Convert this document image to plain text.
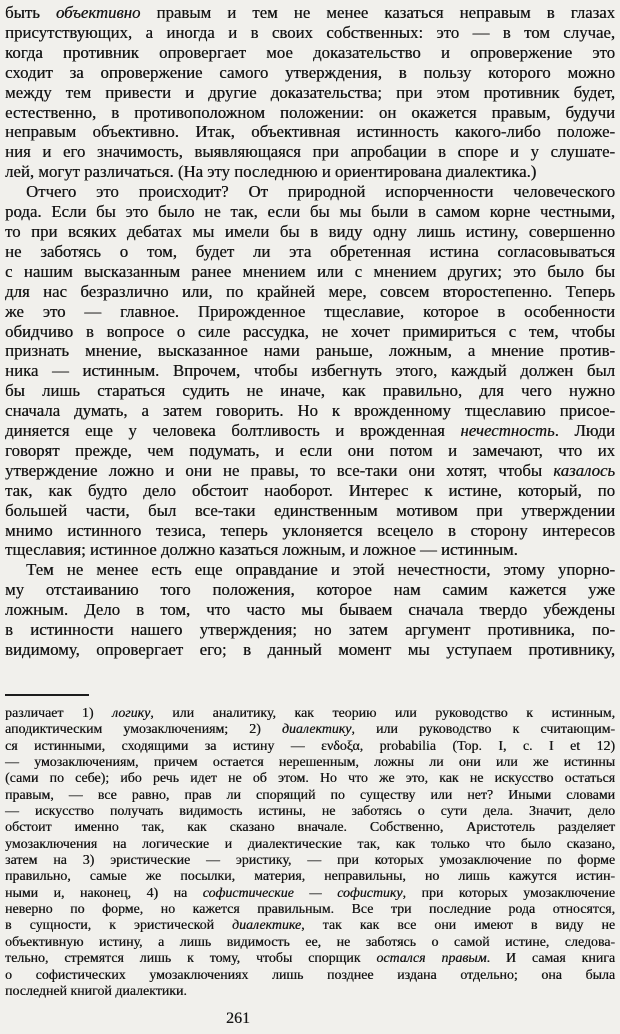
быть объективно правым и тем не менее казаться неправым в глазах
присутствующих, а иногда и в своих собственных: это — в том случае,
когда противник опровергает мое доказательство и опровержение это
сходит за опровержение самого утверждения, в пользу которого можно
между тем привести и другие доказательства; при этом противник будет,
естественно, в противоположном положении: он окажется правым, будучи
неправым объективно. Итак, объективная истинность какого-либо положе-
ния и его значимость, выявляющаяся при апробации в споре и у слушате-
лей, могут различаться. (На эту последнюю и ориентирована диалектика.)
Отчего это происходит? От природной испорченности человеческого
рода. Если бы это было не так, если бы мы были в самом корне честными,
то при всяких дебатах мы имели бы в виду одну лишь истину, совершенно
не заботясь о том, будет ли эта обретенная истина согласовываться
с нашим высказанным ранее мнением или с мнением других; это было бы
для нас безразлично или, по крайней мере, совсем второстепенно. Теперь
же это — главное. Прирожденное тщеславие, которое в особенности
обидчиво в вопросе о силе рассудка, не хочет примириться с тем, чтобы
признать мнение, высказанное нами раньше, ложным, а мнение против-
ника — истинным. Впрочем, чтобы избегнуть этого, каждый должен был
бы лишь стараться судить не иначе, как правильно, для чего нужно
сначала думать, а затем говорить. Но к врожденному тщеславию присое-
диняется еще у человека болтливость и врожденная нечестность. Люди
говорят прежде, чем подумать, и если они потом и замечают, что их
утверждение ложно и они не правы, то все-таки они хотят, чтобы казалось
так, как будто дело обстоит наоборот. Интерес к истине, который, по
большей части, был все-таки единственным мотивом при утверждении
мнимо истинного тезиса, теперь уклоняется всецело в сторону интересов
тщеславия; истинное должно казаться ложным, и ложное — истинным.
Тем не менее есть еще оправдание и этой нечестности, этому упорно-
му отстаиванию того положения, которое нам самим кажется уже
ложным. Дело в том, что часто мы бываем сначала твердо убеждены
в истинности нашего утверждения; но затем аргумент противника, по-
видимому, опровергает его; в данный момент мы уступаем противнику,
различает 1) логику, или аналитику, как теорию или руководство к истинным,
аподиктическим умозаключениям; 2) диалектику, или руководство к считающим-
ся истинными, сходящими за истину — ενδοξα, probabilia (Top. I, c. I et 12)
— умозаключениям, причем остается нерешенным, ложны ли они или же истинны
(сами по себе); ибо речь идет не об этом. Но что же это, как не искусство остаться
правым, — все равно, прав ли спорящий по существу или нет? Иными словами
— искусство получать видимость истины, не заботясь о сути дела. Значит, дело
обстоит именно так, как сказано вначале. Собственно, Аристотель разделяет
умозаключения на логические и диалектические так, как только что было сказано,
затем на 3) эристические — эристику, — при которых умозаключение по форме
правильно, самые же посылки, материя, неправильны, но лишь кажутся истин-
ными и, наконец, 4) на софистические — софистику, при которых умозаключение
неверно по форме, но кажется правильным. Все три последние рода относятся,
в сущности, к эристической диалектике, так как все они имеют в виду не
объективную истину, а лишь видимость ее, не заботясь о самой истине, следова-
тельно, стремятся лишь к тому, чтобы спорщик остался правым. И самая книга
о софистических умозаключениях лишь позднее издана отдельно; она была
последней книгой диалектики.
261
